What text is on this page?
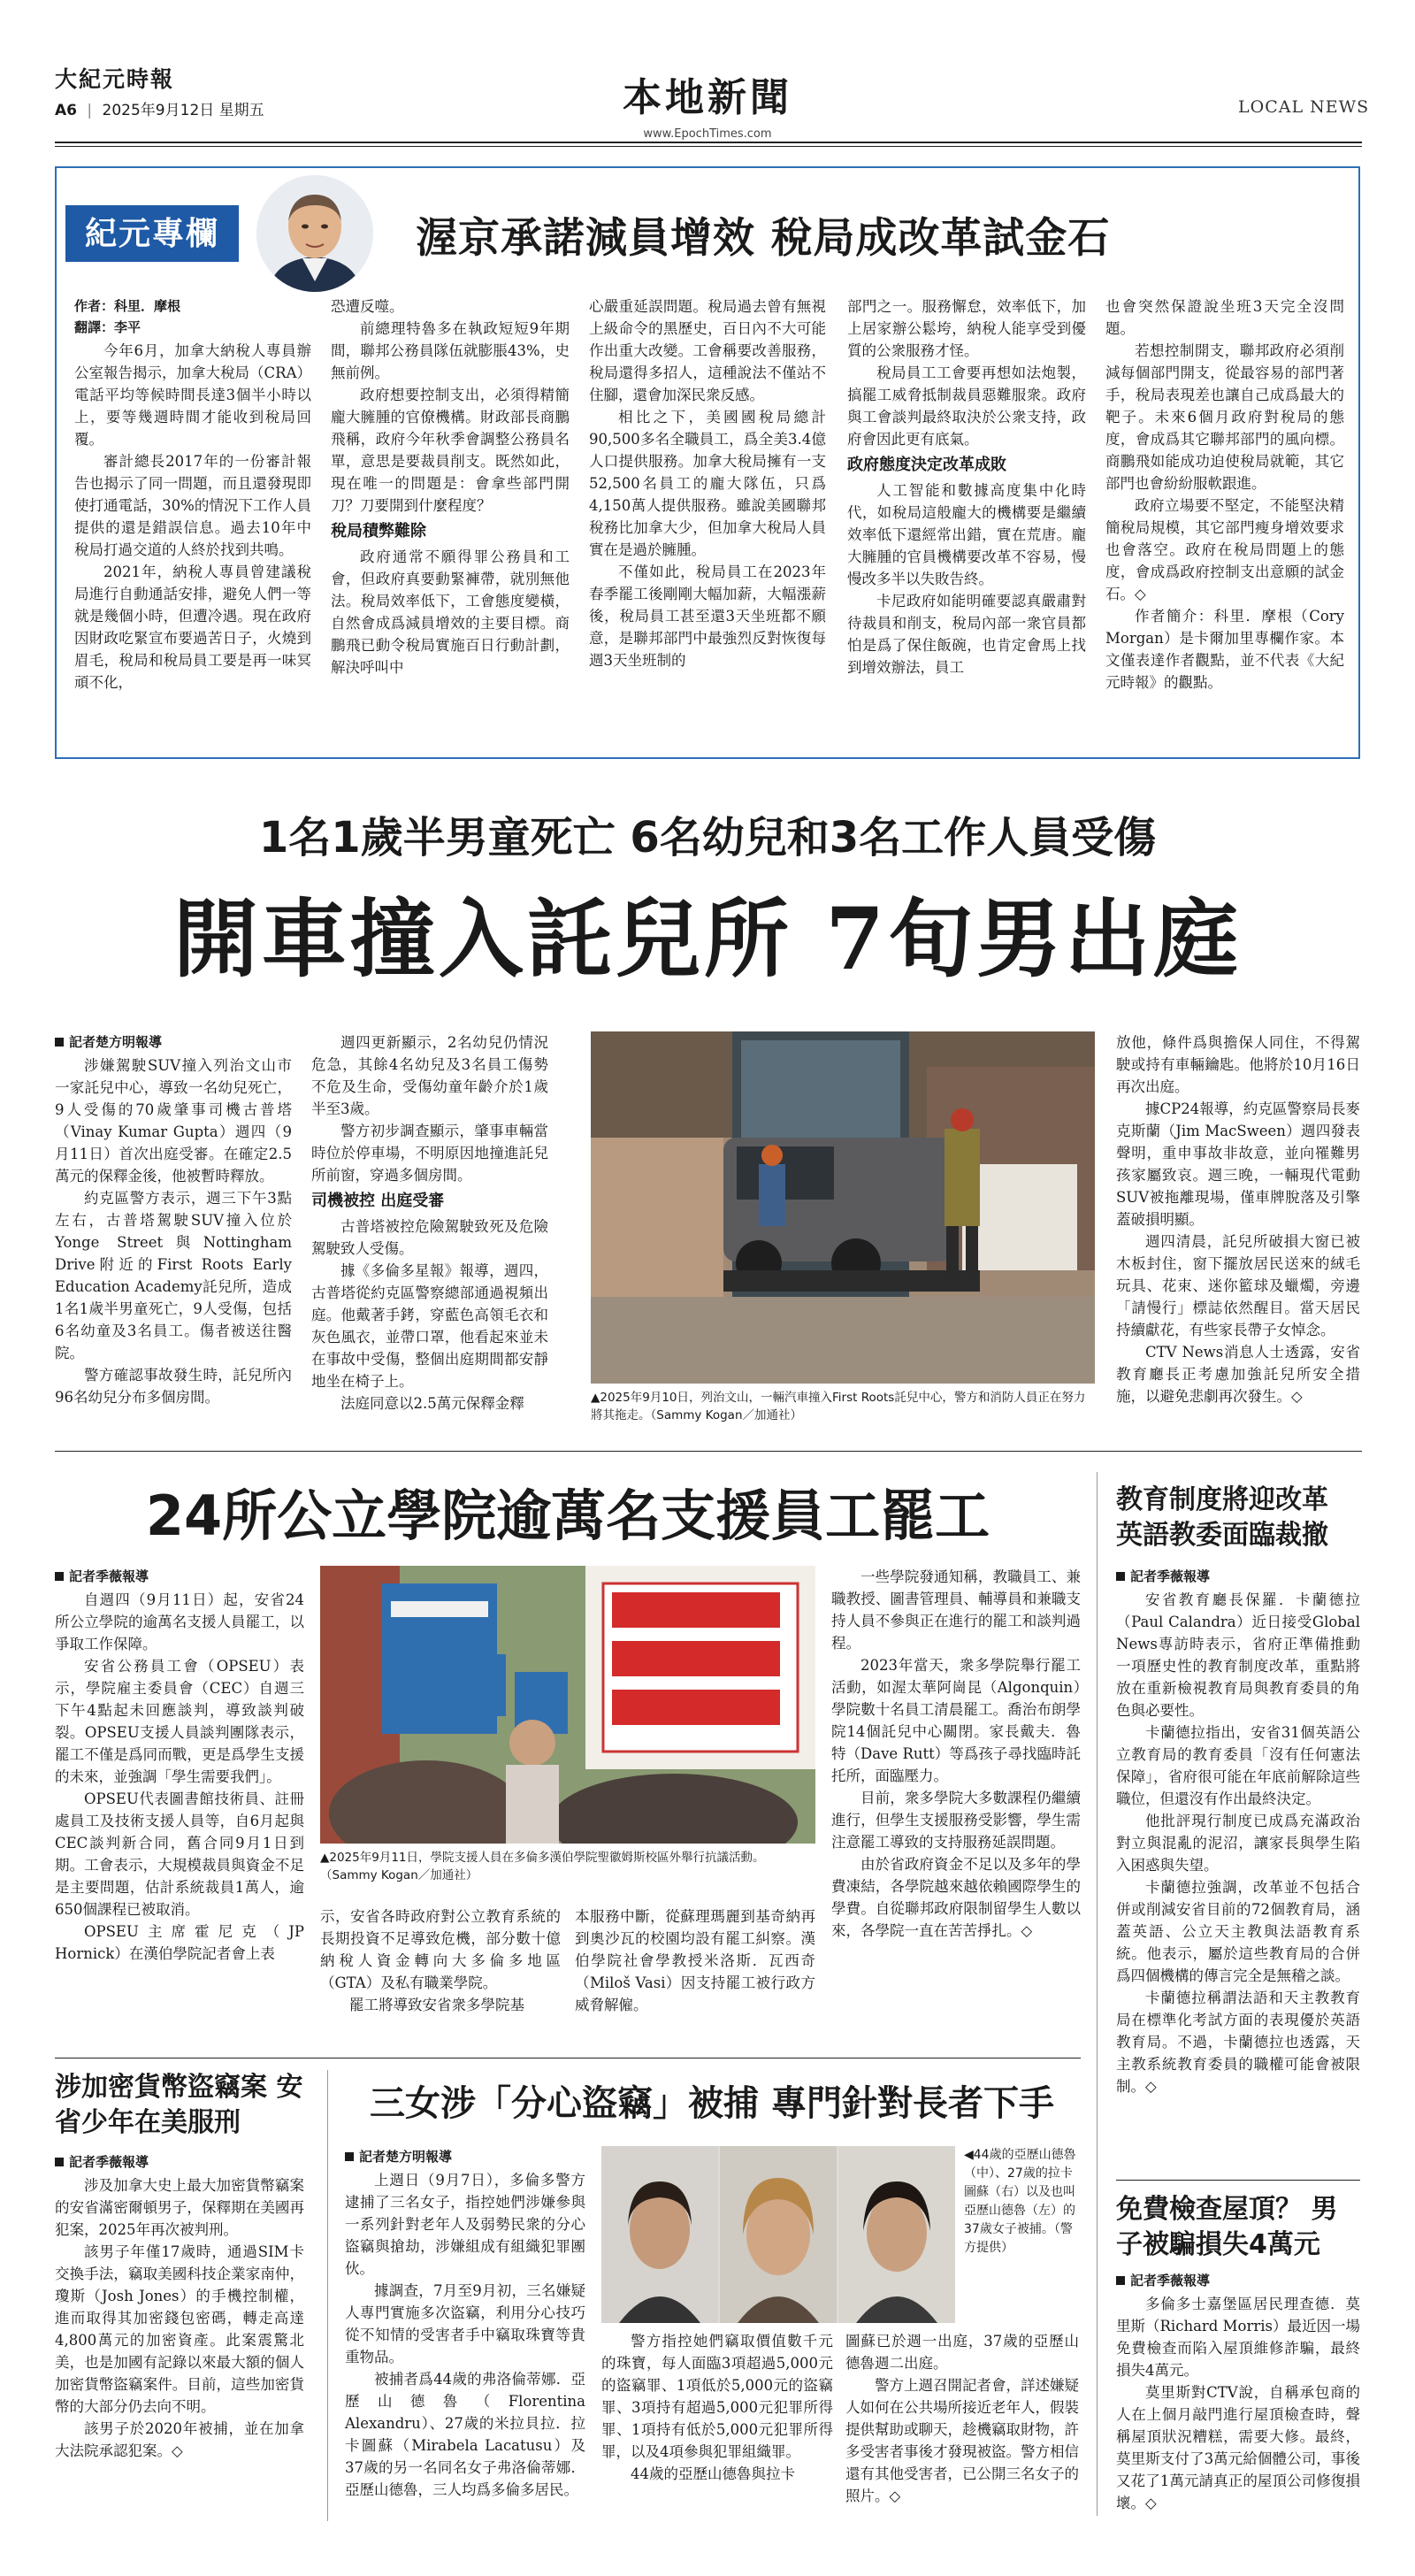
大紀元時報
A6 | 2025年9月12日 星期五	本地新聞
www.EpochTimes.com
LOCAL NEWS
紀元專欄	渥京承諾減員增效 稅局成改革試金石
作者：科里．摩根
翻譯：李平

今年6月，加拿大納稅人專員辦公室報告揭示，加拿大稅局（CRA）電話平均等候時間長達3個半小時以上，要等幾週時間才能收到稅局回覆。

審計總長2017年的一份審計報告也揭示了同一問題，而且還發現即使打通電話，30%的情況下工作人員提供的還是錯誤信息。過去10年中稅局打過交道的人終於找到共鳴。

2021年，納稅人專員曾建議稅局進行自動通話安排，避免人們一等就是幾個小時，但遭冷遇。現在政府因財政吃緊宣布要過苦日子，火燒到眉毛，稅局和稅局員工要是再一味冥頑不化，

恐遭反噬。

前總理特魯多在執政短短9年期間，聯邦公務員隊伍就膨脹43%，史無前例。

政府想要控制支出，必須得精簡龐大臃腫的官僚機構。財政部長商鵬飛稱，政府今年秋季會調整公務員名單，意思是要裁員削支。既然如此，現在唯一的問題是：會拿些部門開刀？刀要開到什麼程度？

稅局積弊難除

政府通常不願得罪公務員和工會，但政府真要動緊褲帶，就別無他法。稅局效率低下，工會態度變橫，自然會成爲減員增效的主要目標。商鵬飛已動令稅局實施百日行動計劃，解決呼叫中

心嚴重延誤問題。稅局過去曾有無視上級命令的黑歷史，百日內不大可能作出重大改變。工會稱要改善服務，稅局還得多招人，這種說法不僅站不住腳，還會加深民衆反感。

相比之下，美國國稅局總計90,500多名全職員工，爲全美3.4億人口提供服務。加拿大稅局擁有一支52,500名員工的龐大隊伍，只爲4,150萬人提供服務。雖說美國聯邦稅務比加拿大少，但加拿大稅局人員實在是過於臃腫。

不僅如此，稅局員工在2023年春季罷工後剛剛大幅加薪，大幅漲薪後，稅局員工甚至還3天坐班都不願意，是聯邦部門中最強烈反對恢復每週3天坐班制的

部門之一。服務懈怠，效率低下，加上居家辦公鬆垮，納稅人能享受到優質的公衆服務才怪。

稅局員工工會要再想如法炮製，搞罷工威脅抵制裁員惡難服衆。政府與工會談判最終取決於公衆支持，政府會因此更有底氣。

政府態度決定改革成敗

人工智能和數據高度集中化時代，如稅局這般龐大的機構要是繼續效率低下還經常出錯，實在荒唐。龐大臃腫的官員機構要改革不容易，慢慢改多半以失敗告終。

卡尼政府如能明確要認真嚴肅對待裁員和削支，稅局內部一衆官員都怕是爲了保住飯碗，也肯定會馬上找到增效辦法，員工

也會突然保證說坐班3天完全沒問題。

若想控制開支，聯邦政府必須削減每個部門開支，從最容易的部門著手，稅局表現差也讓自己成爲最大的靶子。未來6個月政府對稅局的態度，會成爲其它聯邦部門的風向標。商鵬飛如能成功迫使稅局就範，其它部門也會紛紛服軟跟進。

政府立場要不堅定，不能堅決精簡稅局規模，其它部門瘦身增效要求也會落空。政府在稅局問題上的態度，會成爲政府控制支出意願的試金石。◇

作者簡介：科里．摩根（Cory Morgan）是卡爾加里專欄作家。本文僅表達作者觀點，並不代表《大紀元時報》的觀點。

1名1歲半男童死亡 6名幼兒和3名工作人員受傷
開車撞入託兒所 7旬男出庭
記者楚方明報導

涉嫌駕駛SUV撞入列治文山市一家託兒中心，導致一名幼兒死亡，9人受傷的70歲肇事司機古普塔（Vinay Kumar Gupta）週四（9月11日）首次出庭受審。在確定2.5萬元的保釋金後，他被暫時釋放。

約克區警方表示，週三下午3點左右，古普塔駕駛SUV撞入位於Yonge Street與Nottingham Drive附近的First Roots Early Education Academy託兒所，造成1名1歲半男童死亡，9人受傷，包括6名幼童及3名員工。傷者被送往醫院。

警方確認事故發生時，託兒所內96名幼兒分布多個房間。

週四更新顯示，2名幼兒仍情況危急，其餘4名幼兒及3名員工傷勢不危及生命，受傷幼童年齡介於1歲半至3歲。

警方初步調查顯示，肇事車輛當時位於停車場，不明原因地撞進託兒所前窗，穿過多個房間。

司機被控 出庭受審

古普塔被控危險駕駛致死及危險駕駛致人受傷。

據《多倫多星報》報導，週四，古普塔從約克區警察總部通過視頻出庭。他戴著手銬，穿藍色高領毛衣和灰色風衣，並帶口罩，他看起來並未在事故中受傷，整個出庭期間都安靜地坐在椅子上。

法庭同意以2.5萬元保釋金釋	▲2025年9月10日，列治文山，一輛汽車撞入First Roots託兒中心，警方和消防人員正在努力將其拖走。（Sammy Kogan／加通社）

放他，條件爲與擔保人同住，不得駕駛或持有車輛鑰匙。他將於10月16日再次出庭。

據CP24報導，約克區警察局長麥克斯蘭（Jim MacSween）週四發表聲明，重申事故非故意，並向罹難男孩家屬致哀。週三晚，一輛現代電動SUV被拖離現場，僅車牌脫落及引擎蓋破損明顯。

週四清晨，託兒所破損大窗已被木板封住，窗下擺放居民送來的絨毛玩具、花束、迷你籃球及蠟燭，旁邊「請慢行」標誌依然醒目。當天居民持續獻花，有些家長帶子女悼念。

CTV News消息人士透露，安省教育廳長正考慮加強託兒所安全措施，以避免悲劇再次發生。◇

24所公立學院逾萬名支援員工罷工
記者季薇報導

自週四（9月11日）起，安省24所公立學院的逾萬名支援人員罷工，以爭取工作保障。

安省公務員工會（OPSEU）表示，學院雇主委員會（CEC）自週三下午4點起未回應談判，導致談判破裂。OPSEU支援人員談判團隊表示，罷工不僅是爲同而戰，更是爲學生支援的未來，並強調「學生需要我們」。

OPSEU代表圖書館技術員、註冊處員工及技術支援人員等，自6月起與CEC談判新合同，舊合同9月1日到期。工會表示，大規模裁員與資金不足是主要問題，估計系統裁員1萬人，逾650個課程已被取消。

OPSEU主席霍尼克（JP Hornick）在漢伯學院記者會上表

▲2025年9月11日，學院支援人員在多倫多漢伯學院聖徽姆斯校區外舉行抗議活動。（Sammy Kogan／加通社）

示，安省各時政府對公立教育系統的長期投資不足導致危機，部分數十億納稅人資金轉向大多倫多地區（GTA）及私有職業學院。

罷工將導致安省衆多學院基

本服務中斷，從蘇理瑪麗到基奇納再到奧沙瓦的校園均設有罷工糾察。漢伯學院社會學教授米洛斯．瓦西奇（Miloš Vasi）因支持罷工被行政方威脅解僱。

一些學院發通知稱，教職員工、兼職教授、圖書管理員、輔導員和兼職支持人員不參與正在進行的罷工和談判過程。

2023年當天，衆多學院舉行罷工活動，如渥太華阿崗昆（Algonquin）學院數十名員工清晨罷工。喬治布朗學院14個託兒中心關閉。家長戴夫．魯特（Dave Rutt）等爲孩子尋找臨時託托所，面臨壓力。

目前，衆多學院大多數課程仍繼續進行，但學生支援服務受影響，學生需注意罷工導致的支持服務延誤問題。

由於省政府資金不足以及多年的學費凍結，各學院越來越依賴國際學生的學費。自從聯邦政府限制留學生人數以來，各學院一直在苦苦掙扎。◇

教育制度將迎改革 英語教委面臨裁撤
記者季薇報導

安省教育廳長保羅．卡蘭德拉（Paul Calandra）近日接受Global News專訪時表示，省府正準備推動一項歷史性的教育制度改革，重點將放在重新檢視教育局與教育委員的角色與必要性。

卡蘭德拉指出，安省31個英語公立教育局的教育委員「沒有任何憲法保障」，省府很可能在年底前解除這些職位，但還沒有作出最終決定。

他批評現行制度已成爲充滿政治對立與混亂的泥沼，讓家長與學生陷入困惑與失望。

卡蘭德拉強調，改革並不包括合併或削減安省目前的72個教育局，涵蓋英語、公立天主教與法語教育系統。他表示，屬於這些教育局的合併爲四個機構的傳言完全是無稽之談。

卡蘭德拉稱謂法語和天主教教育局在標準化考試方面的表現優於英語教育局。不過，卡蘭德拉也透露，天主教系統教育委員的職權可能會被限制。◇

涉加密貨幣盜竊案 安省少年在美服刑
記者季薇報導

涉及加拿大史上最大加密貨幣竊案的安省滿密爾頓男子，保釋期在美國再犯案，2025年再次被判刑。

該男子年僅17歲時，通過SIM卡交換手法，竊取美國科技企業家南仲，瓊斯（Josh Jones）的手機控制權，進而取得其加密錢包密碼，轉走高達4,800萬元的加密資產。此案震驚北美，也是加國有記錄以來最大額的個人加密貨幣盜竊案件。目前，這些加密貨幣的大部分仍去向不明。

該男子於2020年被捕，並在加拿大法院承認犯案。◇

三女涉「分心盜竊」被捕 專門針對長者下手
記者楚方明報導

上週日（9月7日），多倫多警方逮捕了三名女子，指控她們涉嫌參與一系列針對老年人及弱勢民衆的分心盜竊與搶劫，涉嫌組成有組織犯罪團伙。

據調查，7月至9月初，三名嫌疑人專門實施多次盜竊，利用分心技巧從不知情的受害者手中竊取珠寶等貴重物品。

被捕者爲44歲的弗洛倫蒂娜．亞歷山德魯（Florentina Alexandru）、27歲的米拉貝拉．拉卡圖蘇（Mirabela Lacatusu）及37歲的另一名同名女子弗洛倫蒂娜．亞歷山德魯，三人均爲多倫多居民。

◀44歲的亞歷山德魯（中）、27歲的拉卡圖蘇（右）以及也叫亞歷山德魯（左）的37歲女子被捕。（警方提供）

警方指控她們竊取價值數千元的珠寶，每人面臨3項超過5,000元的盜竊罪、1項低於5,000元的盜竊罪、3項持有超過5,000元犯罪所得罪、1項持有低於5,000元犯罪所得罪，以及4項參與犯罪組織罪。

44歲的亞歷山德魯與拉卡

圖蘇已於週一出庭，37歲的亞歷山德魯週二出庭。

警方上週召開記者會，詳述嫌疑人如何在公共場所接近老年人，假裝提供幫助或聊天，趁機竊取財物，許多受害者事後才發現被盜。警方相信還有其他受害者，已公開三名女子的照片。◇

免費檢查屋頂？ 男子被騙損失4萬元
記者季薇報導

多倫多士嘉堡區居民理查德．莫里斯（Richard Morris）最近因一場免費檢查而陷入屋頂維修詐騙，最終損失4萬元。

莫里斯對CTV說，自稱承包商的人在上個月敲門進行屋頂檢查時，聲稱屋頂狀況糟糕，需要大修。最終，莫里斯支付了3萬元給個體公司，事後又花了1萬元請真正的屋頂公司修復損壞。◇
